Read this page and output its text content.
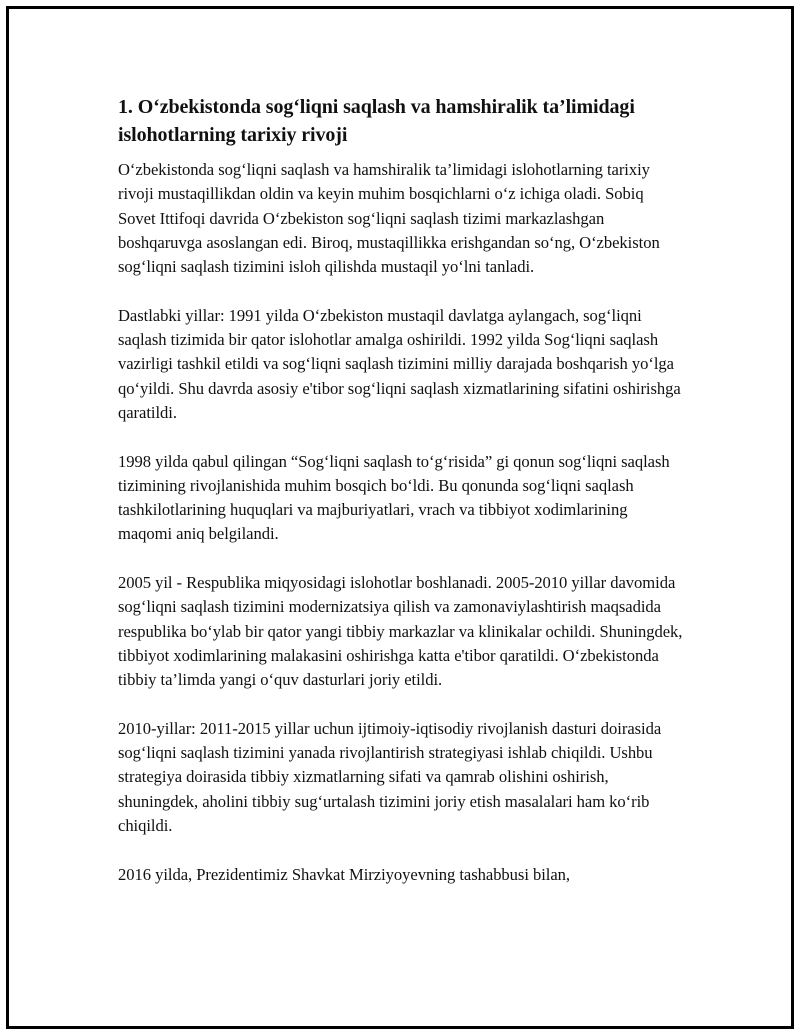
1. O‘zbekistonda sog‘liqni saqlash va hamshiralik ta’limidagi islohotlarning tarixiy rivoji

O‘zbekistonda sog‘liqni saqlash va hamshiralik ta’limidagi islohotlarning tarixiy rivoji mustaqillikdan oldin va keyin muhim bosqichlarni o‘z ichiga oladi. Sobiq Sovet Ittifoqi davrida O‘zbekiston sog‘liqni saqlash tizimi markazlashgan boshqaruvga asoslangan edi. Biroq, mustaqillikka erishgandan so‘ng, O‘zbekiston sog‘liqni saqlash tizimini isloh qilishda mustaqil yo‘lni tanladi.

Dastlabki yillar: 1991 yilda O‘zbekiston mustaqil davlatga aylangach, sog‘liqni saqlash tizimida bir qator islohotlar amalga oshirildi. 1992 yilda Sog‘liqni saqlash vazirligi tashkil etildi va sog‘liqni saqlash tizimini milliy darajada boshqarish yo‘lga qo‘yildi. Shu davrda asosiy e'tibor sog‘liqni saqlash xizmatlarining sifatini oshirishga qaratildi.

1998 yilda qabul qilingan “Sog‘liqni saqlash to‘g‘risida” gi qonun sog‘liqni saqlash tizimining rivojlanishida muhim bosqich bo‘ldi. Bu qonunda sog‘liqni saqlash tashkilotlarining huquqlari va majburiyatlari, vrach va tibbiyot xodimlarining maqomi aniq belgilandi.

2005 yil - Respublika miqyosidagi islohotlar boshlanadi. 2005-2010 yillar davomida sog‘liqni saqlash tizimini modernizatsiya qilish va zamonaviylashtirish maqsadida respublika bo‘ylab bir qator yangi tibbiy markazlar va klinikalar ochildi. Shuningdek, tibbiyot xodimlarining malakasini oshirishga katta e'tibor qaratildi. O‘zbekistonda tibbiy ta’limda yangi o‘quv dasturlari joriy etildi.

2010-yillar: 2011-2015 yillar uchun ijtimoiy-iqtisodiy rivojlanish dasturi doirasida sog‘liqni saqlash tizimini yanada rivojlantirish strategiyasi ishlab chiqildi. Ushbu strategiya doirasida tibbiy xizmatlarning sifati va qamrab olishini oshirish, shuningdek, aholini tibbiy sug‘urtalash tizimini joriy etish masalalari ham ko‘rib chiqildi.

2016 yilda, Prezidentimiz Shavkat Mirziyoyevning tashabbusi bilan,
